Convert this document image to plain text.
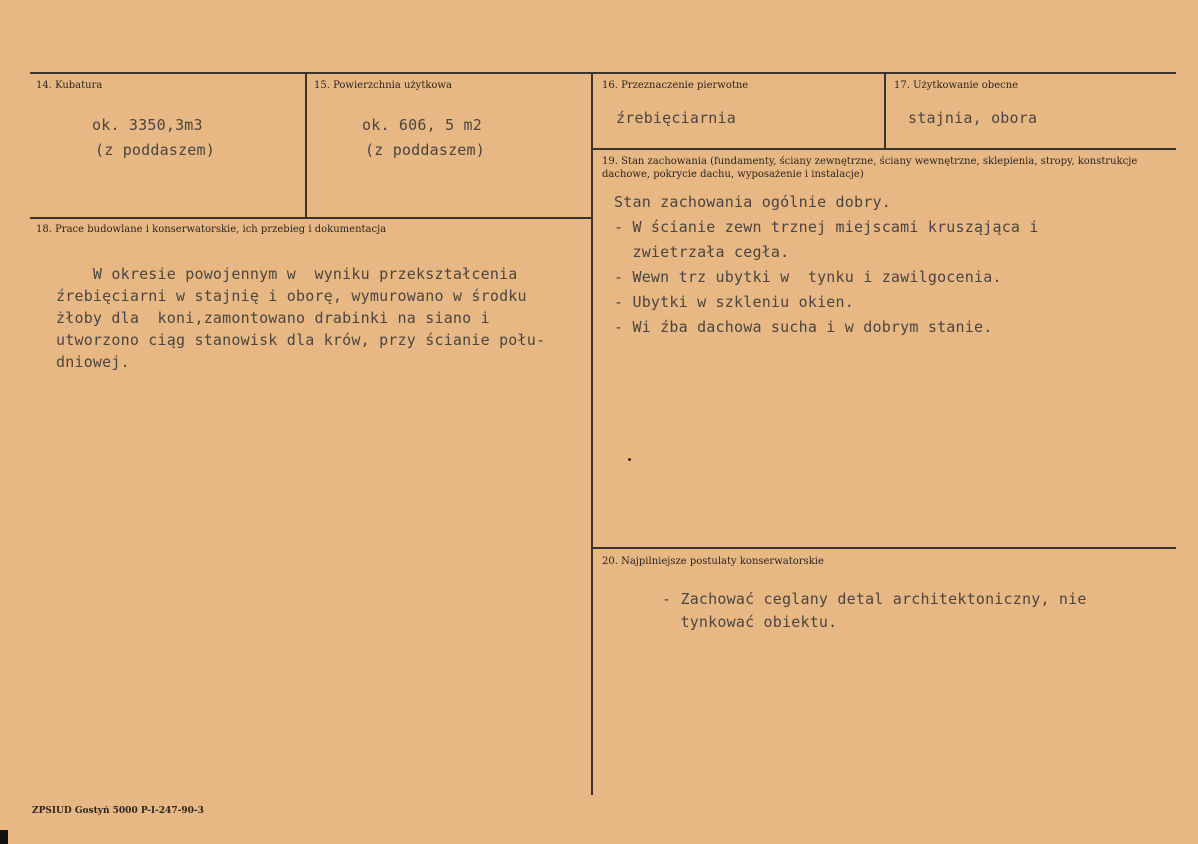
14. Kubatura
ok. 3350,3m3
(z poddaszem)
15. Powierzchnia użytkowa
ok. 606, 5 m2
(z poddaszem)
16. Przeznaczenie pierwotne
źrebięciarnia
17. Użytkowanie obecne
stajnia, obora
18. Prace budowlane i konserwatorskie, ich przebieg i dokumentacja
W okresie powojennym w  wyniku przekształcenia
źrebięciarni w stajnię i oborę, wymurowano w środku
żłoby dla  koni,zamontowano drabinki na siano i
utworzono ciąg stanowisk dla krów, przy ścianie połu-
dniowej.
19. Stan zachowania (fundamenty, ściany zewnętrzne, ściany wewnętrzne, sklepienia, stropy, konstrukcje dachowe, pokrycie dachu, wyposażenie i instalacje)
Stan zachowania ogólnie dobry.
- W ścianie zewn trznej miejscami krusząjąca i
zwietrzała cegła.
- Wewn trz ubytki w  tynku i zawilgocenia.
- Ubytki w szkleniu okien.
- Wi źba dachowa sucha i w dobrym stanie.
20. Najpilniejsze postulaty konserwatorskie
- Zachować ceglany detal architektoniczny, nie
tynkować obiektu.
ZPSIUD Gostyń 5000 P-I-247-90-3
